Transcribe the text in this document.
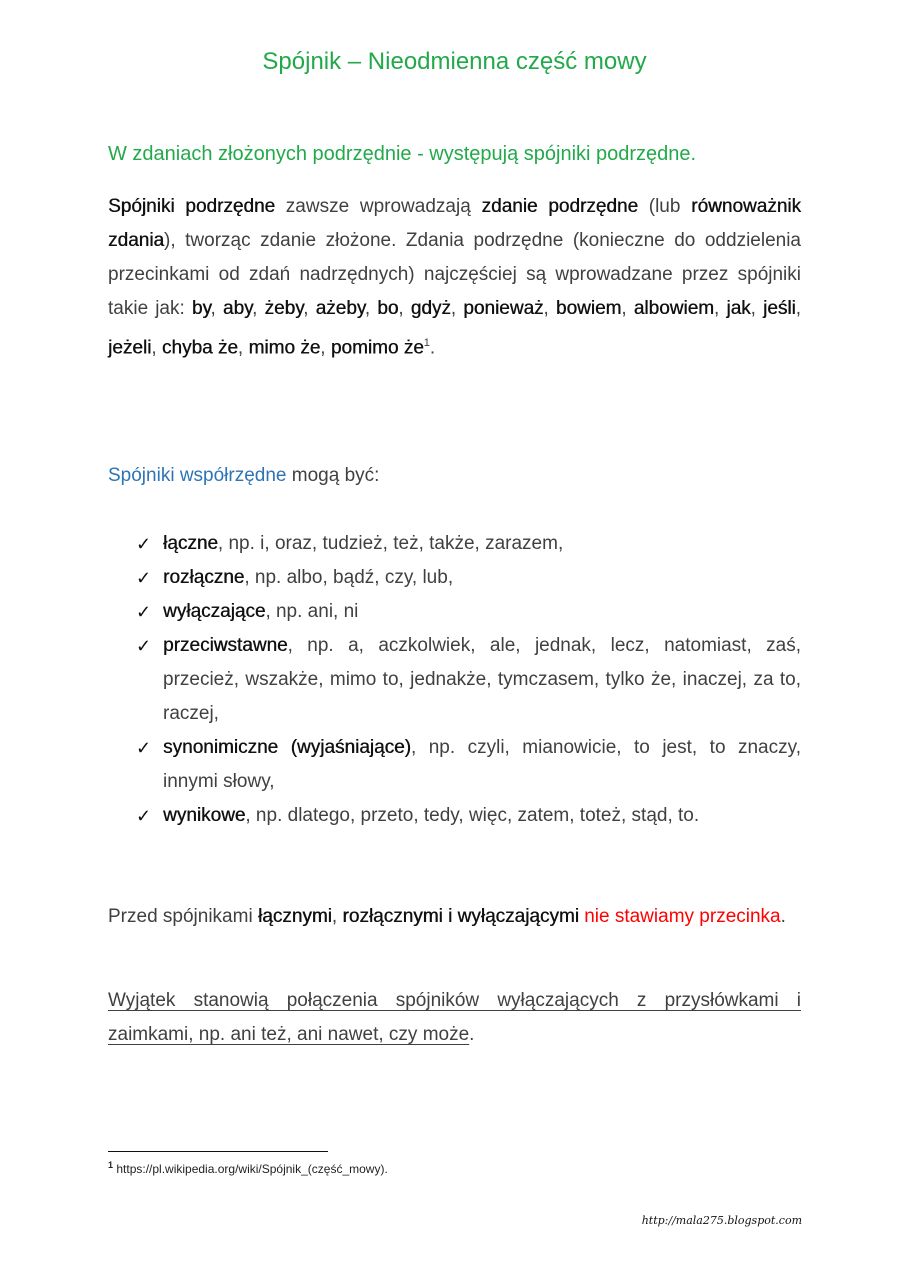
Spójnik – Nieodmienna część mowy
W zdaniach złożonych podrzędnie - występują spójniki podrzędne.
Spójniki podrzędne zawsze wprowadzają zdanie podrzędne (lub równoważnik zdania), tworząc zdanie złożone. Zdania podrzędne (konieczne do oddzielenia przecinkami od zdań nadrzędnych) najczęściej są wprowadzane przez spójniki takie jak: by, aby, żeby, ażeby, bo, gdyż, ponieważ, bowiem, albowiem, jak, jeśli, jeżeli, chyba że, mimo że, pomimo $że^1$.
Spójniki współrzędne mogą być:
✓ łączne, np. i, oraz, tudzież, też, także, zarazem,
✓ rozłączne, np. albo, bądź, czy, lub,
✓ wyłączające, np. ani, ni
✓ przeciwstawne, np. a, aczkolwiek, ale, jednak, lecz, natomiast, zaś, przecież, wszakże, mimo to, jednakże, tymczasem, tylko że, inaczej, za to, raczej,
✓ synonimiczne (wyjaśniające), np. czyli, mianowicie, to jest, to znaczy, innymi słowy,
✓ wynikowe, np. dlatego, przeto, tedy, więc, zatem, toteż, stąd, to.
Przed spójnikami łącznymi, rozłącznymi i wyłączającymi nie stawiamy przecinka.
Wyjątek stanowią połączenia spójników wyłączających z przysłówkami i zaimkami, np. ani też, ani nawet, czy może.
$^1$ https://pl.wikipedia.org/wiki/Spójnik_(część_mowy).
http://mala275.blogspot.com
